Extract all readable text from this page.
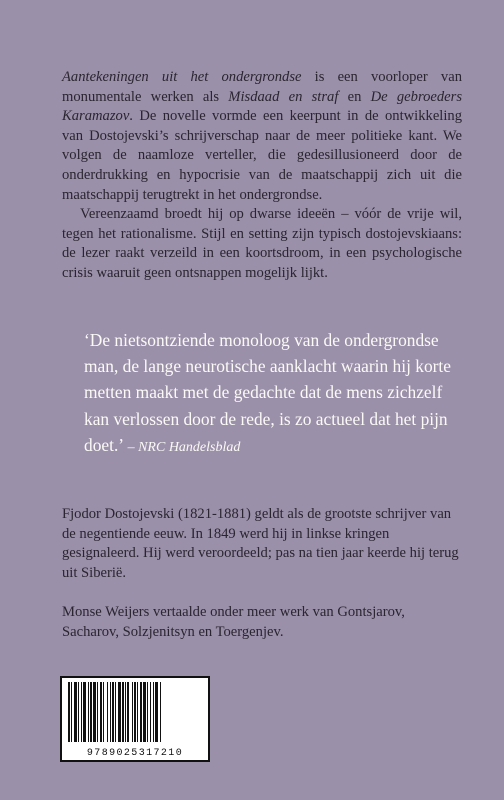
Aantekeningen uit het ondergrondse is een voorloper van monumentale werken als Misdaad en straf en De gebroeders Karamazov. De novelle vormde een keerpunt in de ontwikkeling van Dostojevski’s schrijverschap naar de meer politieke kant. We volgen de naamloze verteller, die gedesillusioneerd door de onderdrukking en hypocrisie van de maatschappij zich uit die maatschappij terugtrekt in het ondergrondse.

Vereenzaamd broedt hij op dwarse ideeën – vóór de vrije wil, tegen het rationalisme. Stijl en setting zijn typisch dostojevskiaans: de lezer raakt verzeild in een koortsdroom, in een psychologische crisis waaruit geen ontsnappen mogelijk lijkt.

‘De nietsontziende monoloog van de ondergrondse man, de lange neurotische aanklacht waarin hij korte metten maakt met de gedachte dat de mens zichzelf kan verlossen door de rede, is zo actueel dat het pijn doet.’ – NRC Handelsblad

Fjodor Dostojevski (1821-1881) geldt als de grootste schrijver van de negentiende eeuw. In 1849 werd hij in linkse kringen gesignaleerd. Hij werd veroordeeld; pas na tien jaar keerde hij terug uit Siberië.

Monse Weijers vertaalde onder meer werk van Gontsjarov, Sacharov, Solzjenitsyn en Toergenjev.

9789025317210
